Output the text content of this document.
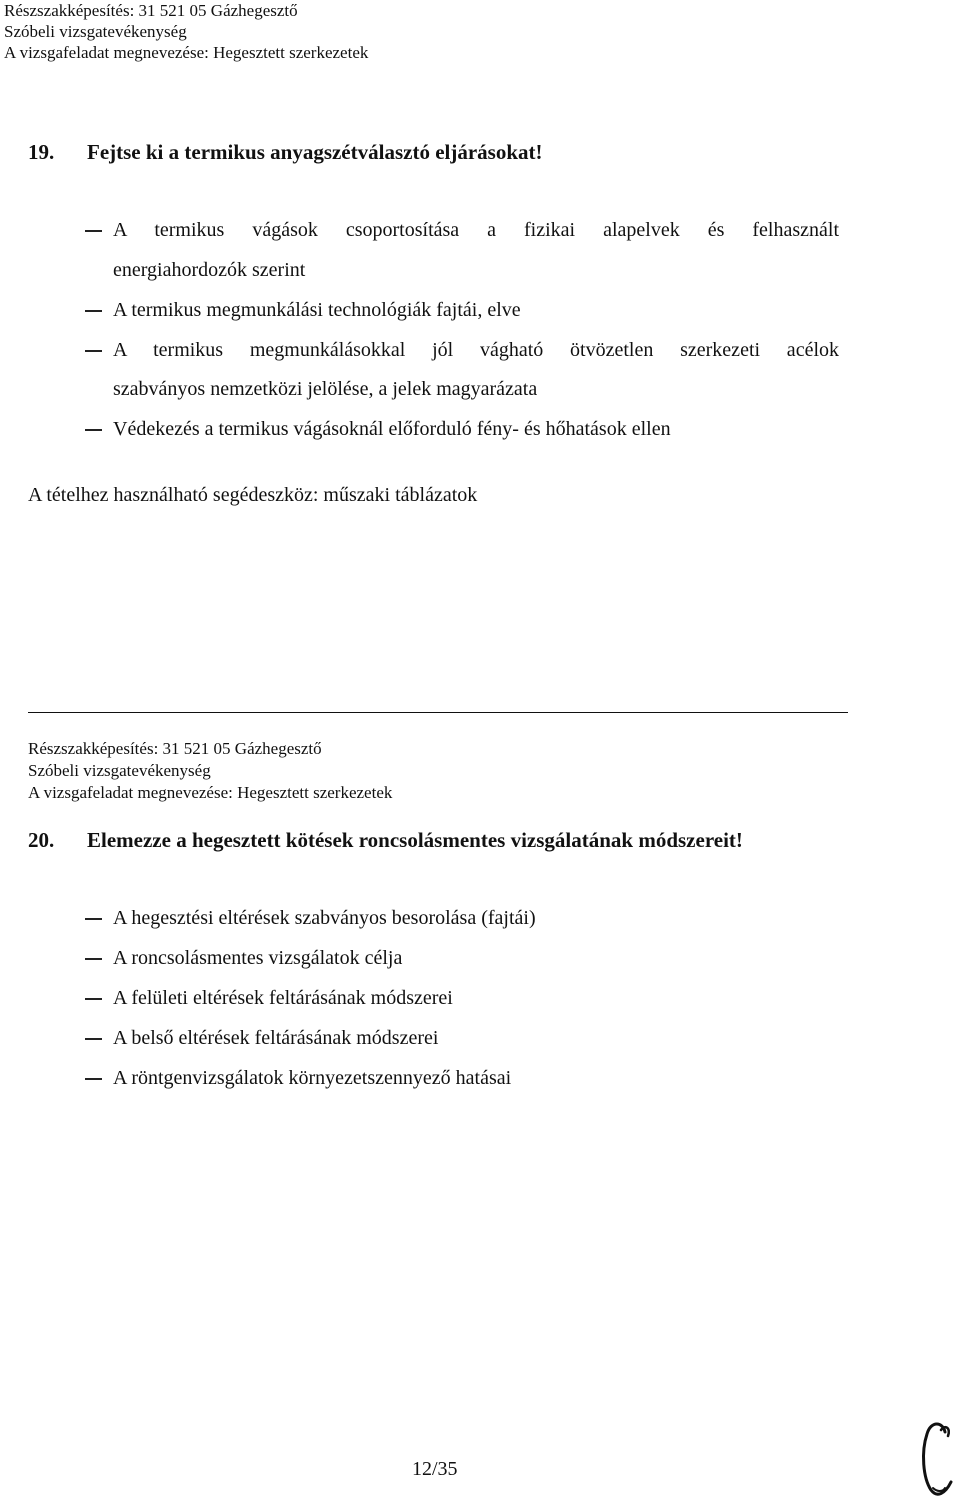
Részszakképesítés: 31 521 05 Gázhegesztő
Szóbeli vizsgatevékenység
A vizsgafeladat megnevezése: Hegesztett szerkezetek
19. Fejtse ki a termikus anyagszétválasztó eljárásokat!
A termikus vágások csoportosítása a fizikai alapelvek és felhasznált
energiahordozók szerint
A termikus megmunkálási technológiák fajtái, elve
A termikus megmunkálásokkal jól vágható ötvözetlen szerkezeti acélok
szabványos nemzetközi jelölése, a jelek magyarázata
Védekezés a termikus vágásoknál előforduló fény- és hőhatások ellen
A tételhez használható segédeszköz: műszaki táblázatok
Részszakképesítés: 31 521 05 Gázhegesztő
Szóbeli vizsgatevékenység
A vizsgafeladat megnevezése: Hegesztett szerkezetek
20. Elemezze a hegesztett kötések roncsolásmentes vizsgálatának módszereit!
A hegesztési eltérések szabványos besorolása (fajtái)
A roncsolásmentes vizsgálatok célja
A felületi eltérések feltárásának módszerei
A belső eltérések feltárásának módszerei
A röntgenvizsgálatok környezetszennyező hatásai
12/35
